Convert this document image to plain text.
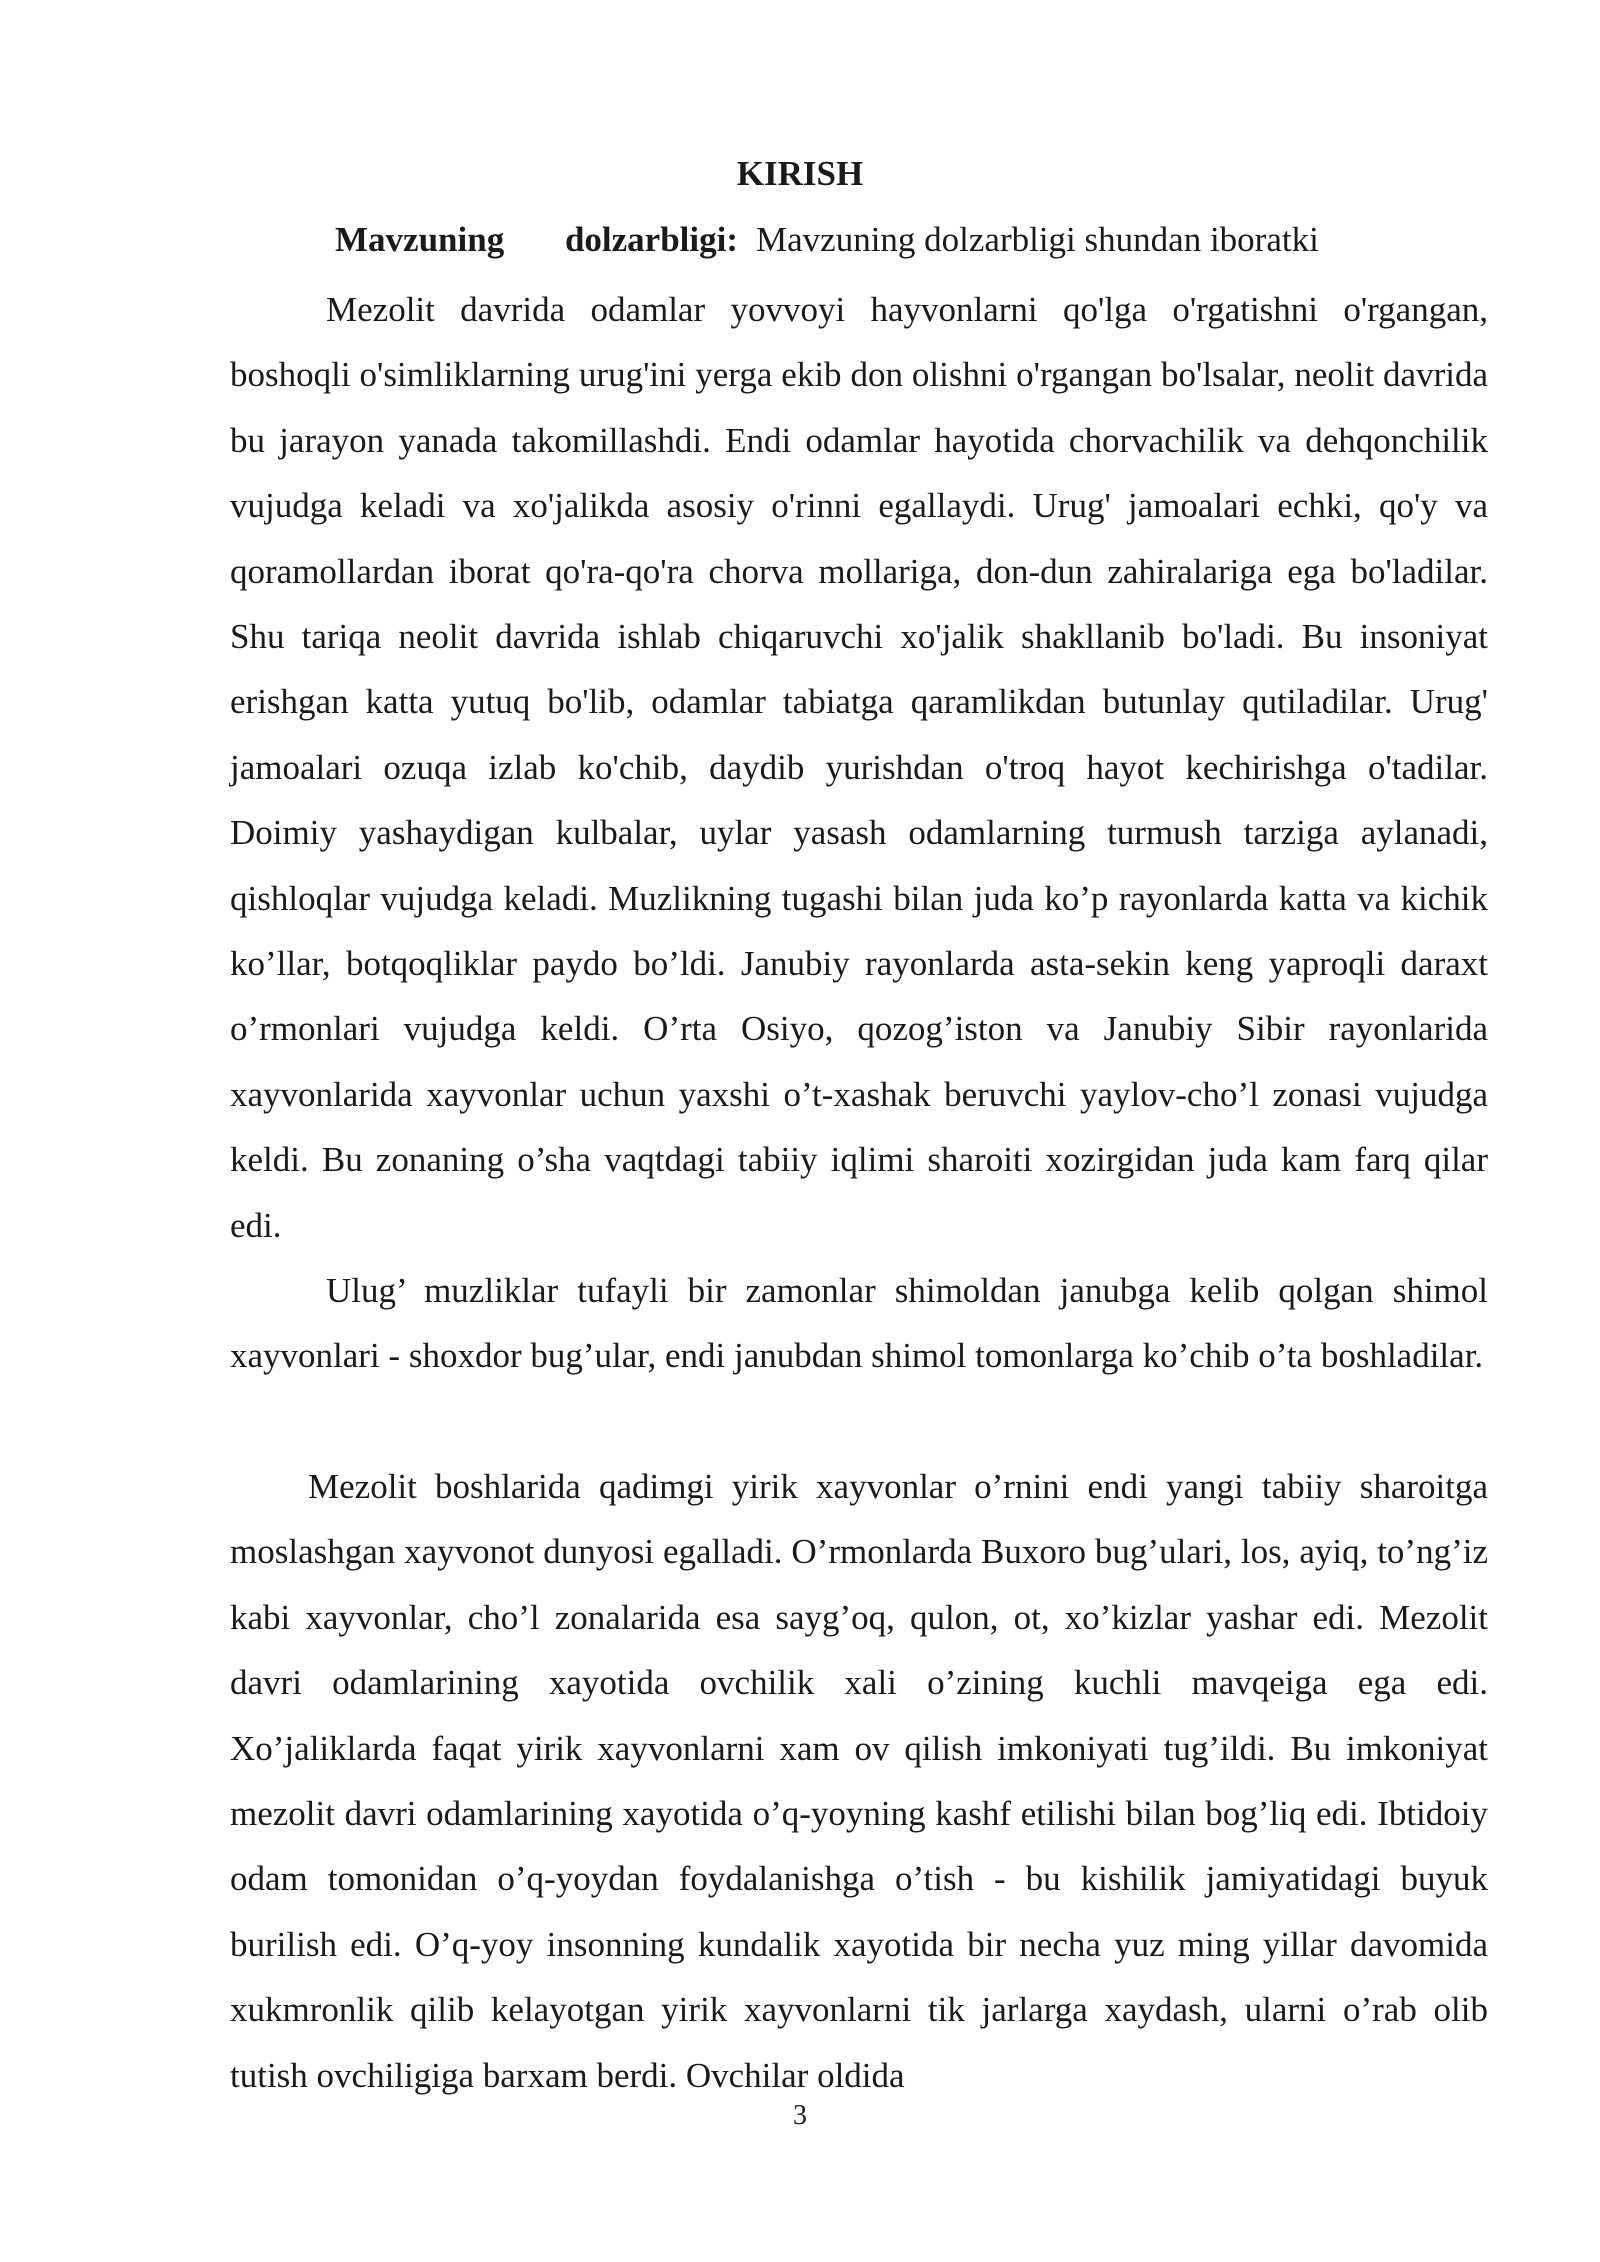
KIRISH

Mavzuning dolzarbligi: Mavzuning dolzarbligi shundan iboratki

Mezolit davrida odamlar yovvoyi hayvonlarni qo'lga o'rgatishni o'rgangan, boshoqli o'simliklarning urug'ini yerga ekib don olishni o'rgangan bo'lsalar, neolit davrida bu jarayon yanada takomillashdi. Endi odamlar hayotida chorvachilik va dehqonchilik vujudga keladi va xo'jalikda asosiy o'rinni egallaydi. Urug' jamoalari echki, qo'y va qoramollardan iborat qo'ra-qo'ra chorva mollariga, don-dun zahiralariga ega bo'ladilar. Shu tariqa neolit davrida ishlab chiqaruvchi xo'jalik shakllanib bo'ladi. Bu insoniyat erishgan katta yutuq bo'lib, odamlar tabiatga qaramlikdan butunlay qutiladilar. Urug' jamoalari ozuqa izlab ko'chib, daydib yurishdan o'troq hayot kechirishga o'tadilar. Doimiy yashaydigan kulbalar, uylar yasash odamlarning turmush tarziga aylanadi, qishloqlar vujudga keladi. Muzlikning tugashi bilan juda ko’p rayonlarda katta va kichik ko’llar, botqoqliklar paydo bo’ldi. Janubiy rayonlarda asta-sekin keng yaproqli daraxt o’rmonlari vujudga keldi. O’rta Osiyo, qozog’iston va Janubiy Sibir rayonlarida xayvonlarida xayvonlar uchun yaxshi o’t-xashak beruvchi yaylov-cho’l zonasi vujudga keldi. Bu zonaning o’sha vaqtdagi tabiiy iqlimi sharoiti xozirgidan juda kam farq qilar edi.

Ulug’ muzliklar tufayli bir zamonlar shimoldan janubga kelib qolgan shimol xayvonlari - shoxdor bug’ular, endi janubdan shimol tomonlarga ko’chib o’ta boshladilar.

Mezolit boshlarida qadimgi yirik xayvonlar o’rnini endi yangi tabiiy sharoitga moslashgan xayvonot dunyosi egalladi. O’rmonlarda Buxoro bug’ulari, los, ayiq, to’ng’iz kabi xayvonlar, cho’l zonalarida esa sayg’oq, qulon, ot, xo’kizlar yashar edi. Mezolit davri odamlarining xayotida ovchilik xali o’zining kuchli mavqeiga ega edi. Xo’jaliklarda faqat yirik xayvonlarni xam ov qilish imkoniyati tug’ildi. Bu imkoniyat mezolit davri odamlarining xayotida o’q-yoyning kashf etilishi bilan bog’liq edi. Ibtidoiy odam tomonidan o’q-yoydan foydalanishga o’tish - bu kishilik jamiyatidagi buyuk burilish edi. O’q-yoy insonning kundalik xayotida bir necha yuz ming yillar davomida xukmronlik qilib kelayotgan yirik xayvonlarni tik jarlarga xaydash, ularni o’rab olib tutish ovchiligiga barxam berdi. Ovchilar oldida

3
